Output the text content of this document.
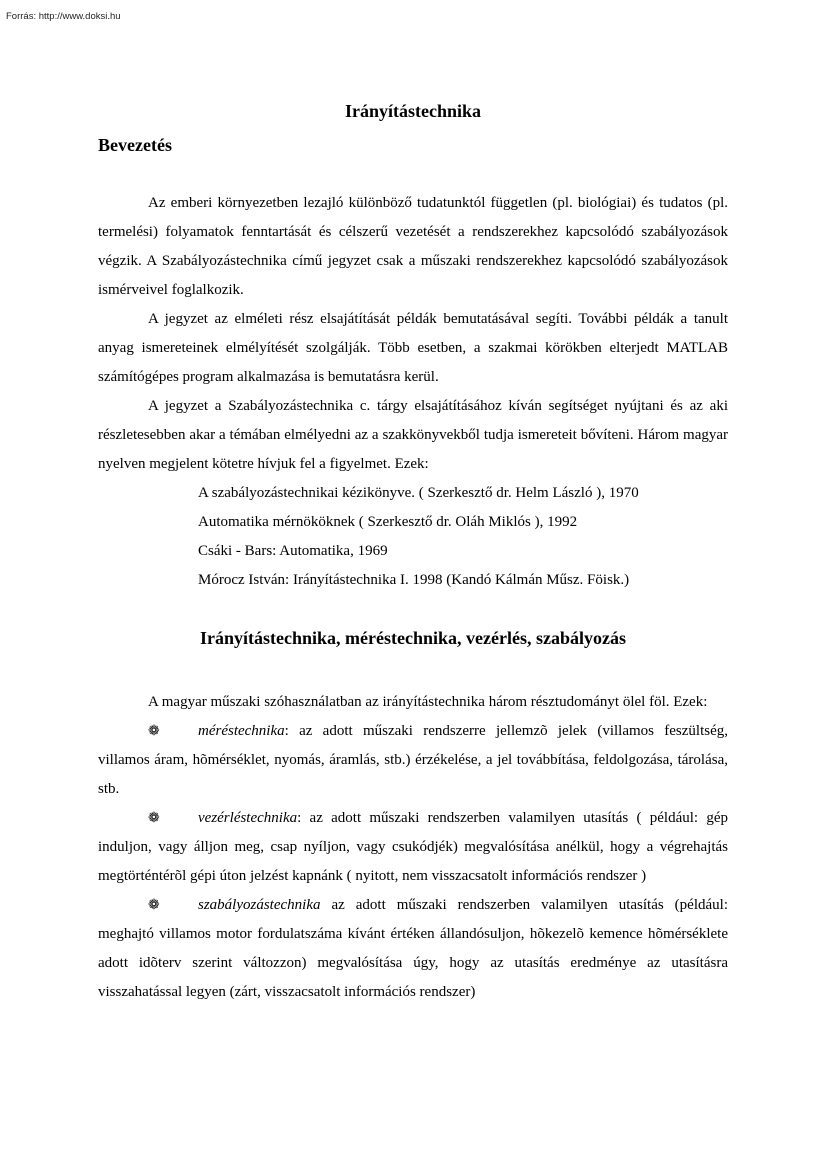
Forrás: http://www.doksi.hu
Irányítástechnika
Bevezetés

Az emberi környezetben lezajló különböző tudatunktól független (pl. biológiai) és tudatos (pl. termelési) folyamatok fenntartását és célszerű vezetését a rendszerekhez kapcsolódó szabályozások végzik. A Szabályozástechnika című jegyzet csak a műszaki rendszerekhez kapcsolódó szabályozások ismérveivel foglalkozik.

A jegyzet az elméleti rész elsajátítását példák bemutatásával segíti. További példák a tanult anyag ismereteinek elmélyítését szolgálják. Több esetben, a szakmai körökben elterjedt MATLAB számítógépes program alkalmazása is bemutatásra kerül.

A jegyzet a Szabályozástechnika c. tárgy elsajátításához kíván segítséget nyújtani és az aki részletesebben akar a témában elmélyedni az a szakkönyvekből tudja ismereteit bővíteni. Három magyar nyelven megjelent kötetre hívjuk fel a figyelmet. Ezek:

A szabályozástechnikai kézikönyve. ( Szerkesztő dr. Helm László ), 1970

Automatika mérnököknek ( Szerkesztő dr. Oláh Miklós ), 1992

Csáki - Bars: Automatika, 1969

Mórocz István: Irányítástechnika I. 1998 (Kandó Kálmán Műsz. Föisk.)

Irányítástechnika, méréstechnika, vezérlés, szabályozás

A magyar műszaki szóhasználatban az irányítástechnika három résztudományt ölel föl. Ezek:

❁	méréstechnika: az adott műszaki rendszerre jellemzõ jelek (villamos feszültség, villamos áram, hõmérséklet, nyomás, áramlás, stb.) érzékelése, a jel továbbítása, feldolgozása, tárolása, stb.

❁	vezérléstechnika: az adott műszaki rendszerben valamilyen utasítás ( például: gép induljon, vagy álljon meg, csap nyíljon, vagy csukódjék) megvalósítása anélkül, hogy a végrehajtás megtörténtérõl gépi úton jelzést kapnánk ( nyitott, nem visszacsatolt információs rendszer )

❁	szabályozástechnika az adott műszaki rendszerben valamilyen utasítás (például: meghajtó villamos motor fordulatszáma kívánt értéken állandósuljon, hõkezelõ kemence hõmérséklete adott idõterv szerint változzon) megvalósítása úgy, hogy az utasítás eredménye az utasításra visszahatással legyen (zárt, visszacsatolt információs rendszer)
